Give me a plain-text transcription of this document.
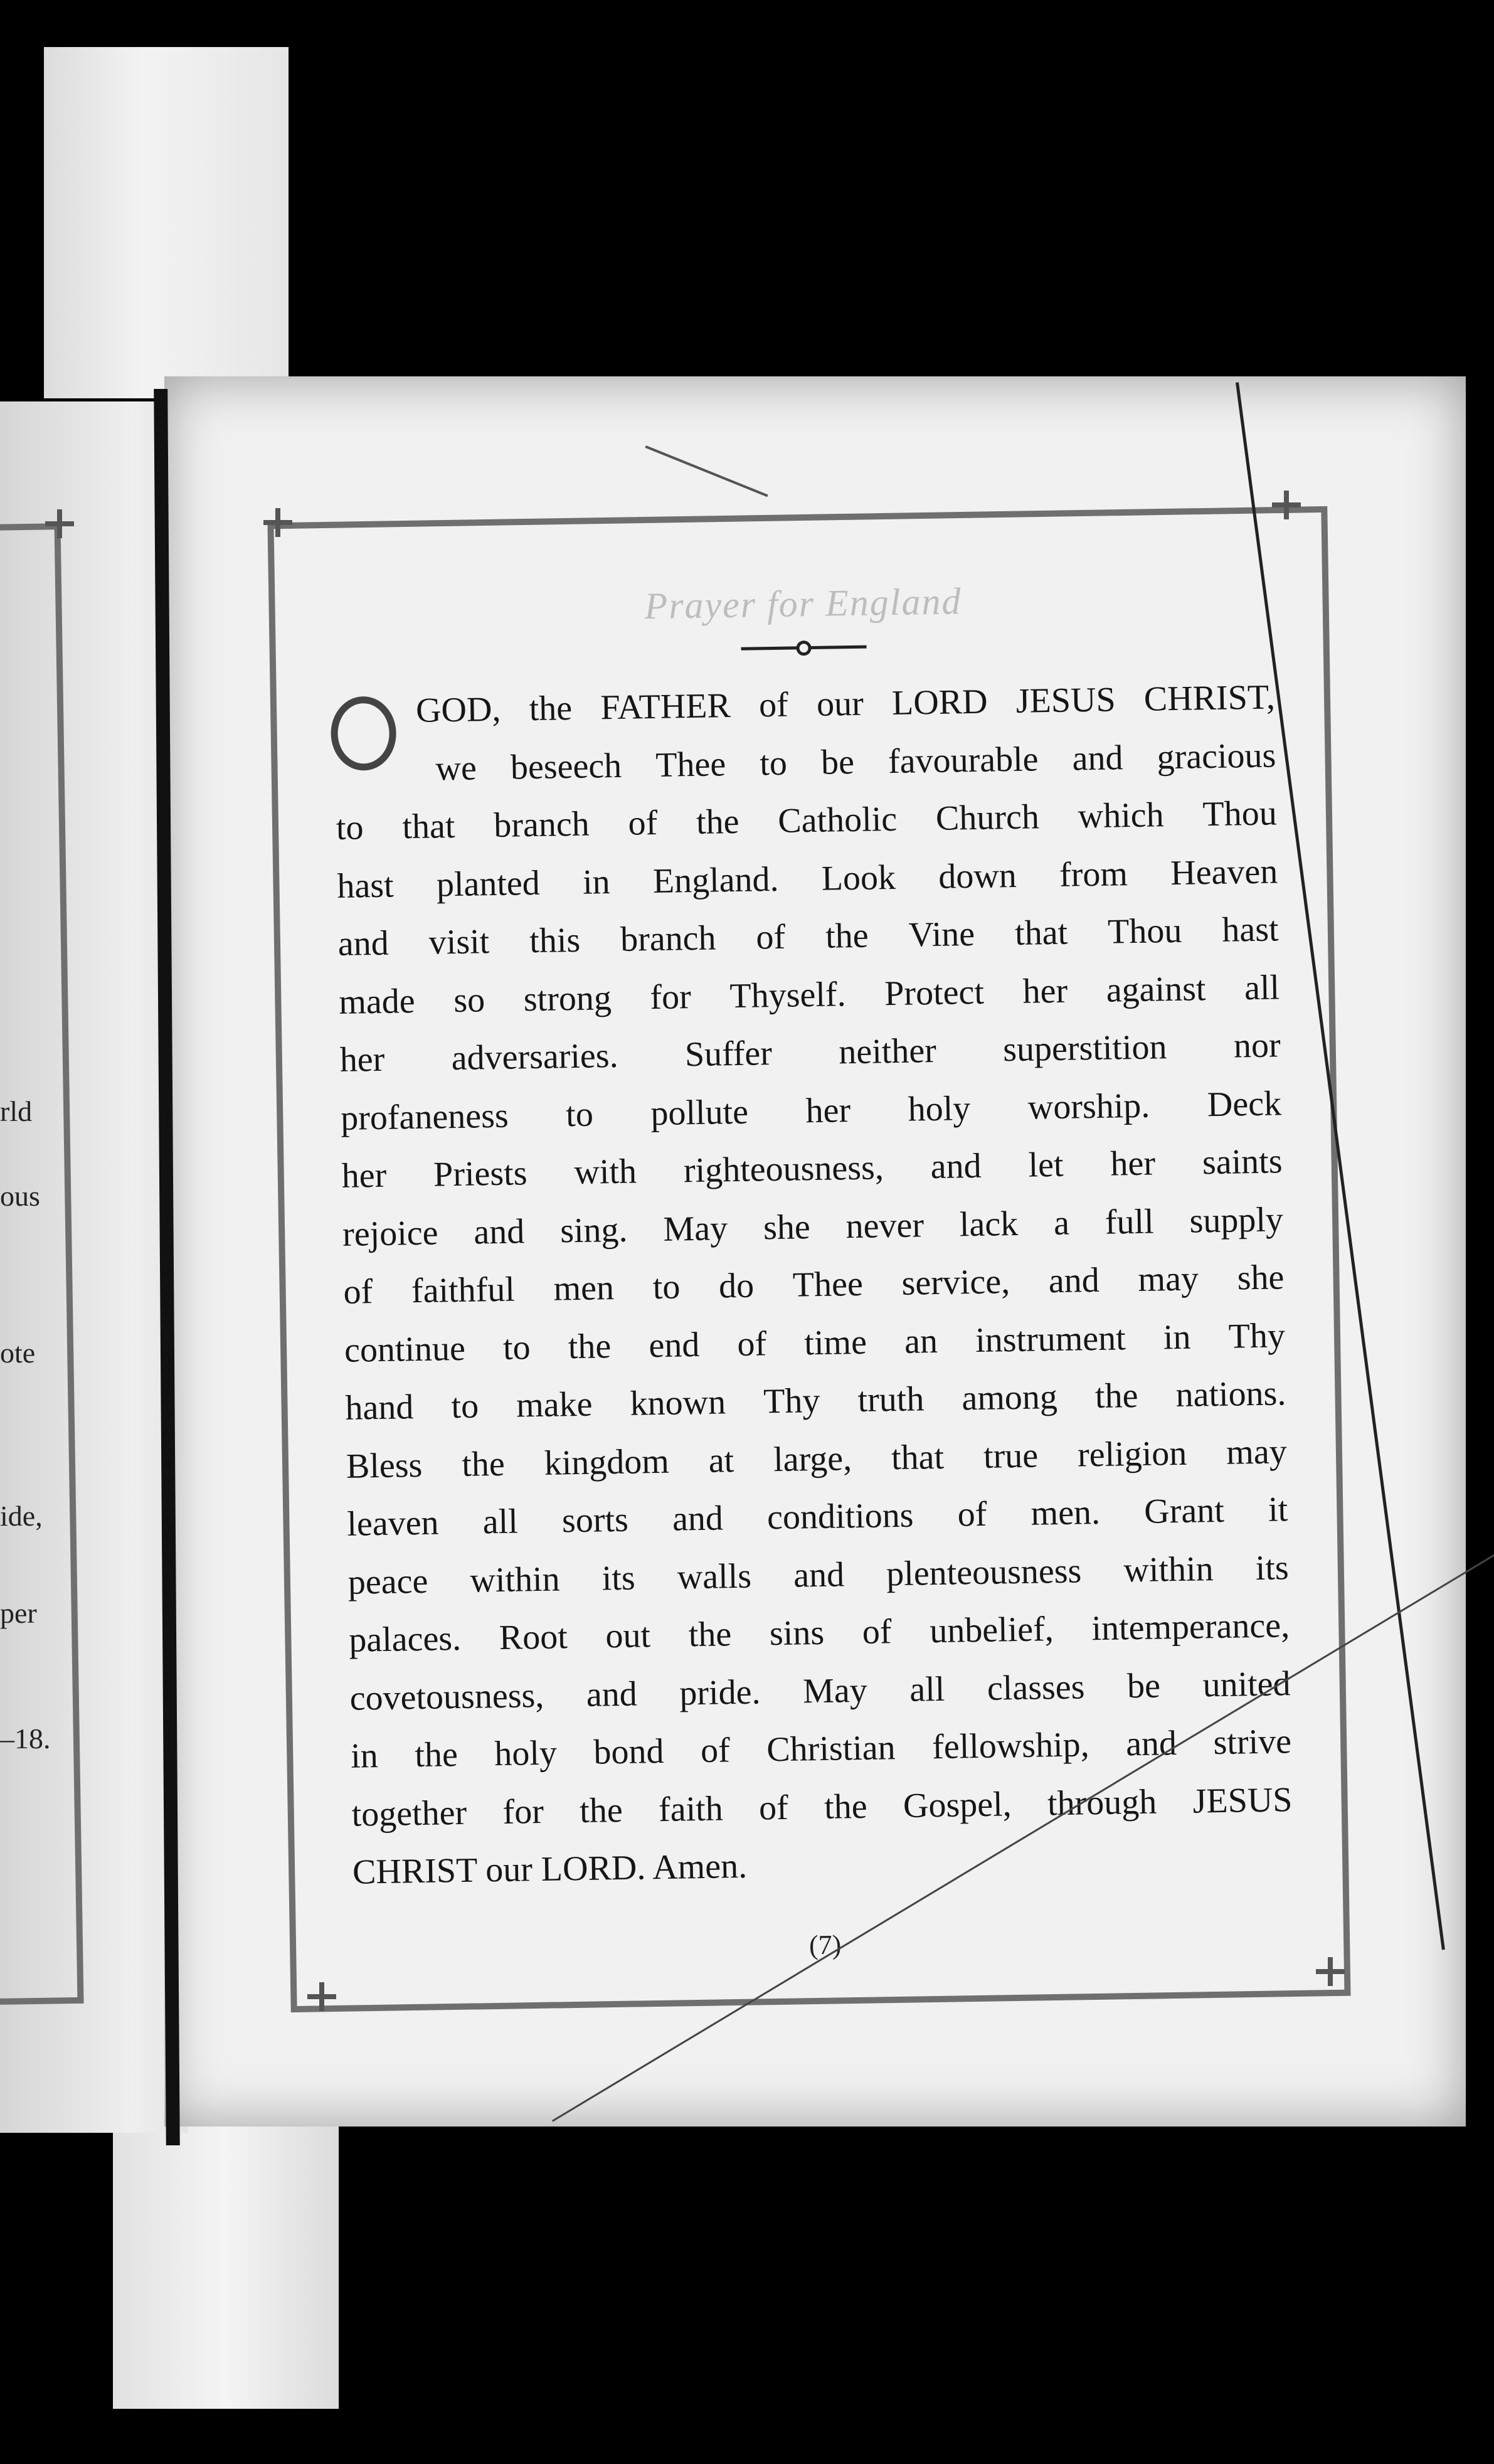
rld
ous
ote
ide,
per
–18.
Prayer for England
GOD, the FATHER of our LORD JESUS CHRIST,
we beseech Thee to be favourable and gracious
to that branch of the Catholic Church which Thou
hast planted in England. Look down from Heaven
and visit this branch of the Vine that Thou hast
made so strong for Thyself. Protect her against all
her adversaries. Suffer neither superstition nor
profaneness to pollute her holy worship. Deck
her Priests with righteousness, and let her saints
rejoice and sing. May she never lack a full supply
of faithful men to do Thee service, and may she
continue to the end of time an instrument in Thy
hand to make known Thy truth among the nations.
Bless the kingdom at large, that true religion may
leaven all sorts and conditions of men. Grant it
peace within its walls and plenteousness within its
palaces. Root out the sins of unbelief, intemperance,
covetousness, and pride. May all classes be united
in the holy bond of Christian fellowship, and strive
together for the faith of the Gospel, through JESUS
CHRIST our LORD. Amen.
(7)
